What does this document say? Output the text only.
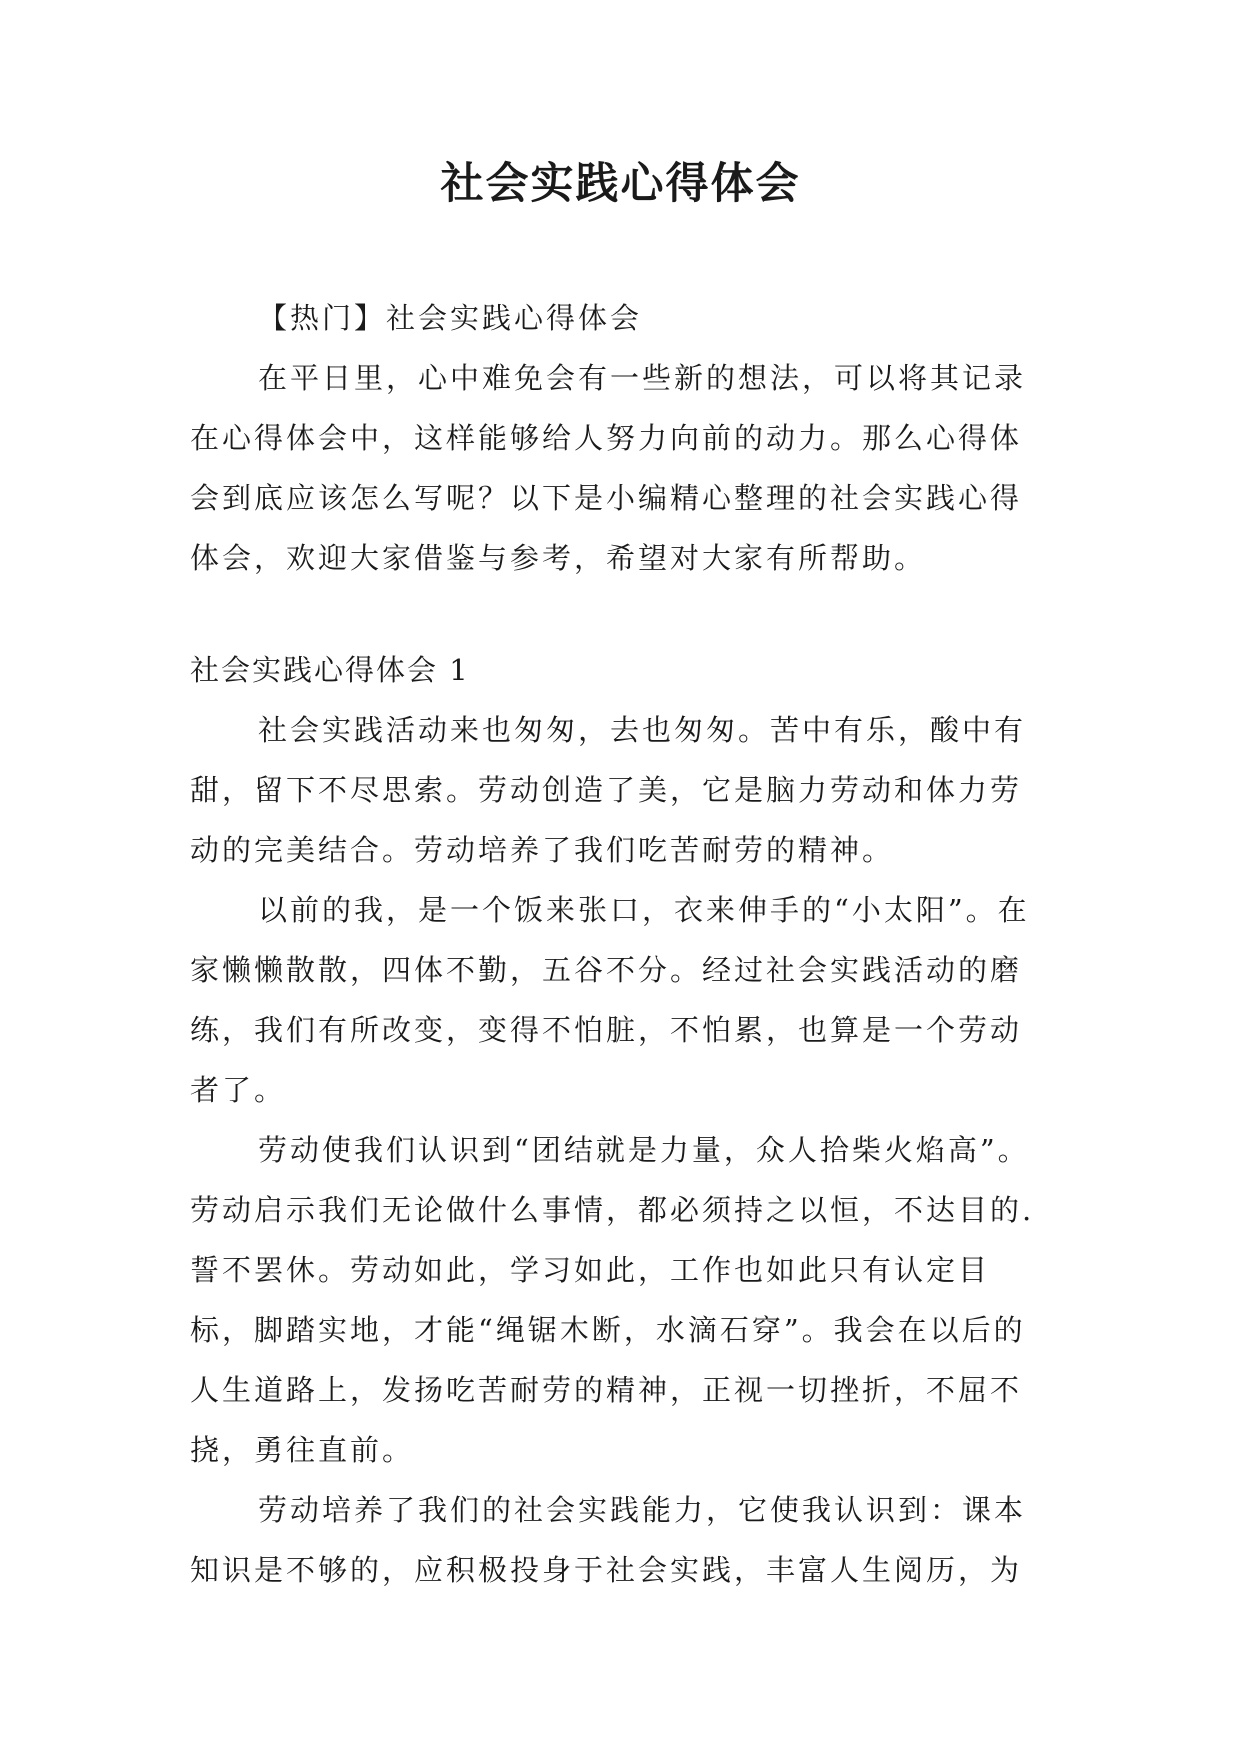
社会实践心得体会

【热门】社会实践心得体会

在平日里，心中难免会有一些新的想法，可以将其记录在心得体会中，这样能够给人努力向前的动力。那么心得体会到底应该怎么写呢？以下是小编精心整理的社会实践心得体会，欢迎大家借鉴与参考，希望对大家有所帮助。

社会实践心得体会 1

社会实践活动来也匆匆，去也匆匆。苦中有乐，酸中有甜，留下不尽思索。劳动创造了美，它是脑力劳动和体力劳动的完美结合。劳动培养了我们吃苦耐劳的精神。

以前的我，是一个饭来张口，衣来伸手的“小太阳”。在家懒懒散散，四体不勤，五谷不分。经过社会实践活动的磨练，我们有所改变，变得不怕脏，不怕累，也算是一个劳动者了。

劳动使我们认识到“团结就是力量，众人拾柴火焰高”。劳动启示我们无论做什么事情，都必须持之以恒，不达目的.誓不罢休。劳动如此，学习如此，工作也如此只有认定目标，脚踏实地，才能“绳锯木断，水滴石穿”。我会在以后的人生道路上，发扬吃苦耐劳的精神，正视一切挫折，不屈不挠，勇往直前。

劳动培养了我们的社会实践能力，它使我认识到：课本知识是不够的，应积极投身于社会实践，丰富人生阅历，为
